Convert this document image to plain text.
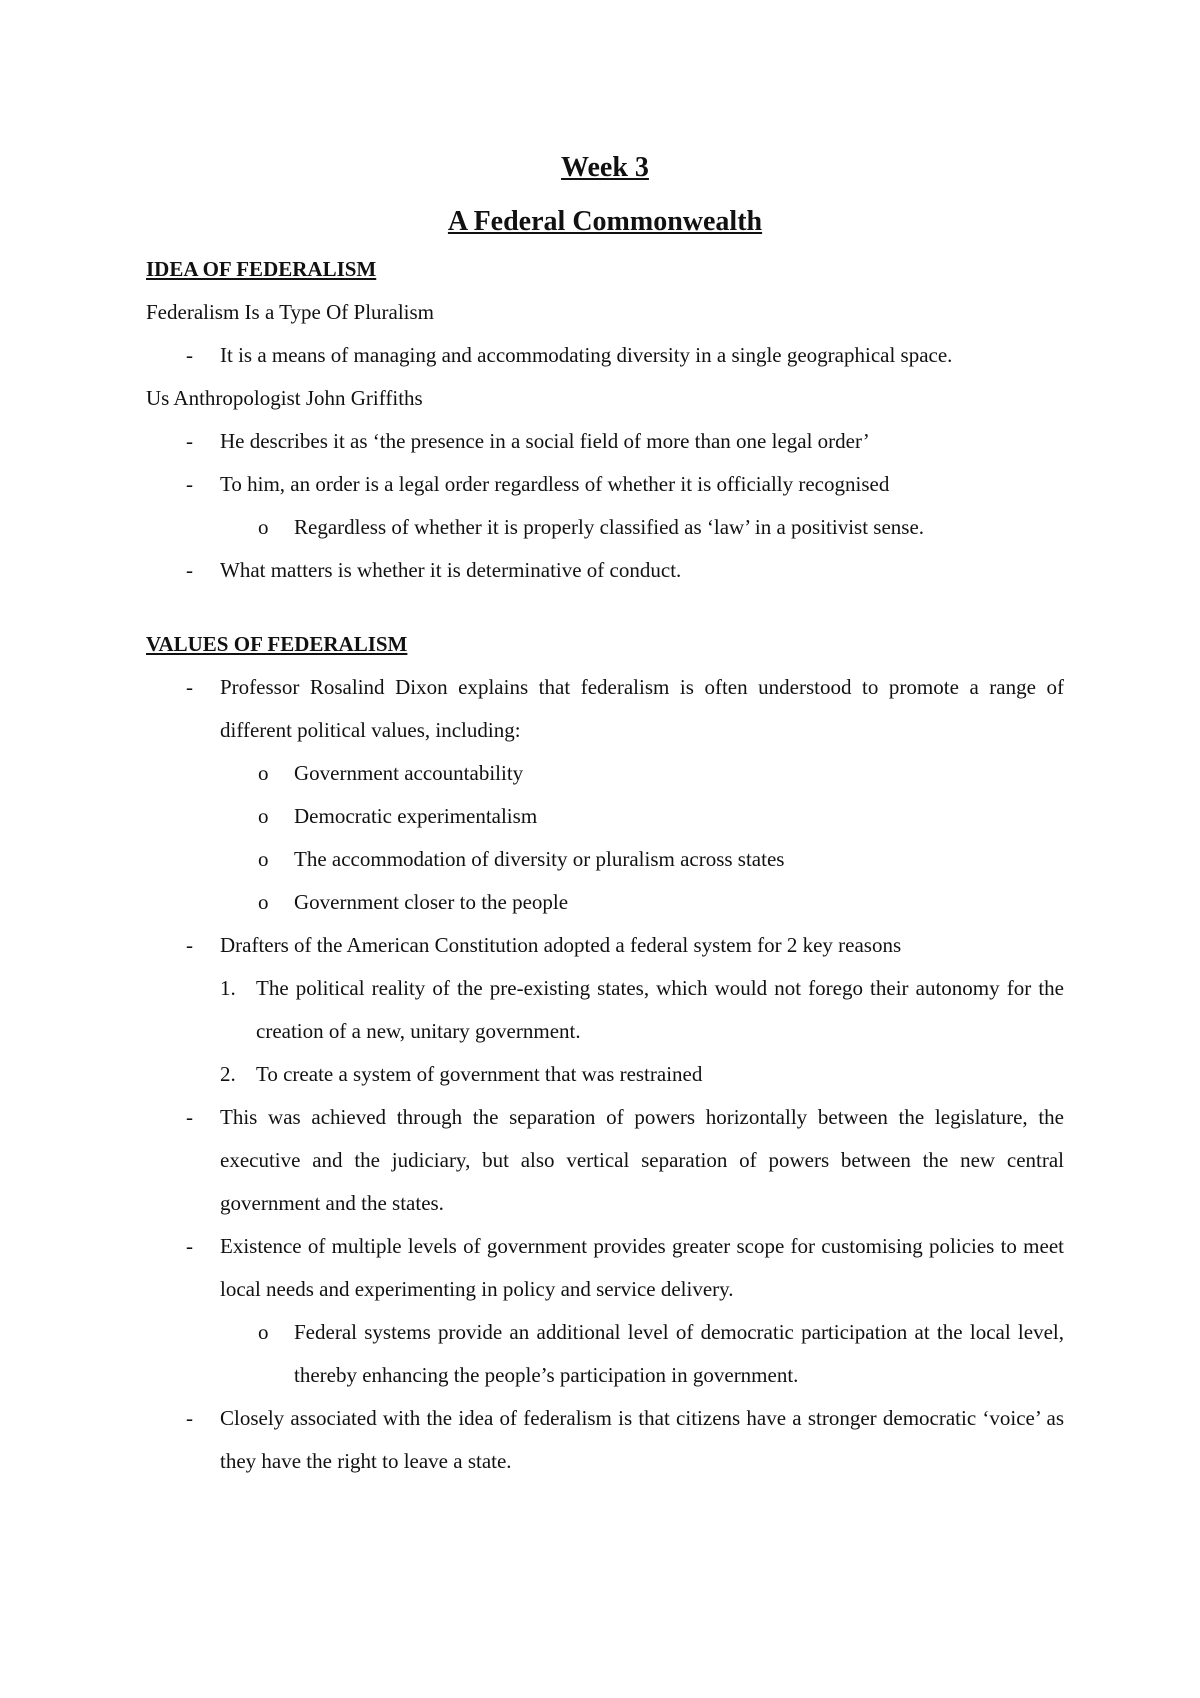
Week 3

A Federal Commonwealth

IDEA OF FEDERALISM

Federalism Is a Type Of Pluralism

- It is a means of managing and accommodating diversity in a single geographical space.

Us Anthropologist John Griffiths

- He describes it as ‘the presence in a social field of more than one legal order’
- To him, an order is a legal order regardless of whether it is officially recognised
o Regardless of whether it is properly classified as ‘law’ in a positivist sense.
- What matters is whether it is determinative of conduct.

VALUES OF FEDERALISM

- Professor Rosalind Dixon explains that federalism is often understood to promote a range of different political values, including:
o Government accountability
o Democratic experimentalism
o The accommodation of diversity or pluralism across states
o Government closer to the people
- Drafters of the American Constitution adopted a federal system for 2 key reasons
1. The political reality of the pre-existing states, which would not forego their autonomy for the creation of a new, unitary government.
2. To create a system of government that was restrained
- This was achieved through the separation of powers horizontally between the legislature, the executive and the judiciary, but also vertical separation of powers between the new central government and the states.
- Existence of multiple levels of government provides greater scope for customising policies to meet local needs and experimenting in policy and service delivery.
o Federal systems provide an additional level of democratic participation at the local level, thereby enhancing the people’s participation in government.
- Closely associated with the idea of federalism is that citizens have a stronger democratic ‘voice’ as they have the right to leave a state.
